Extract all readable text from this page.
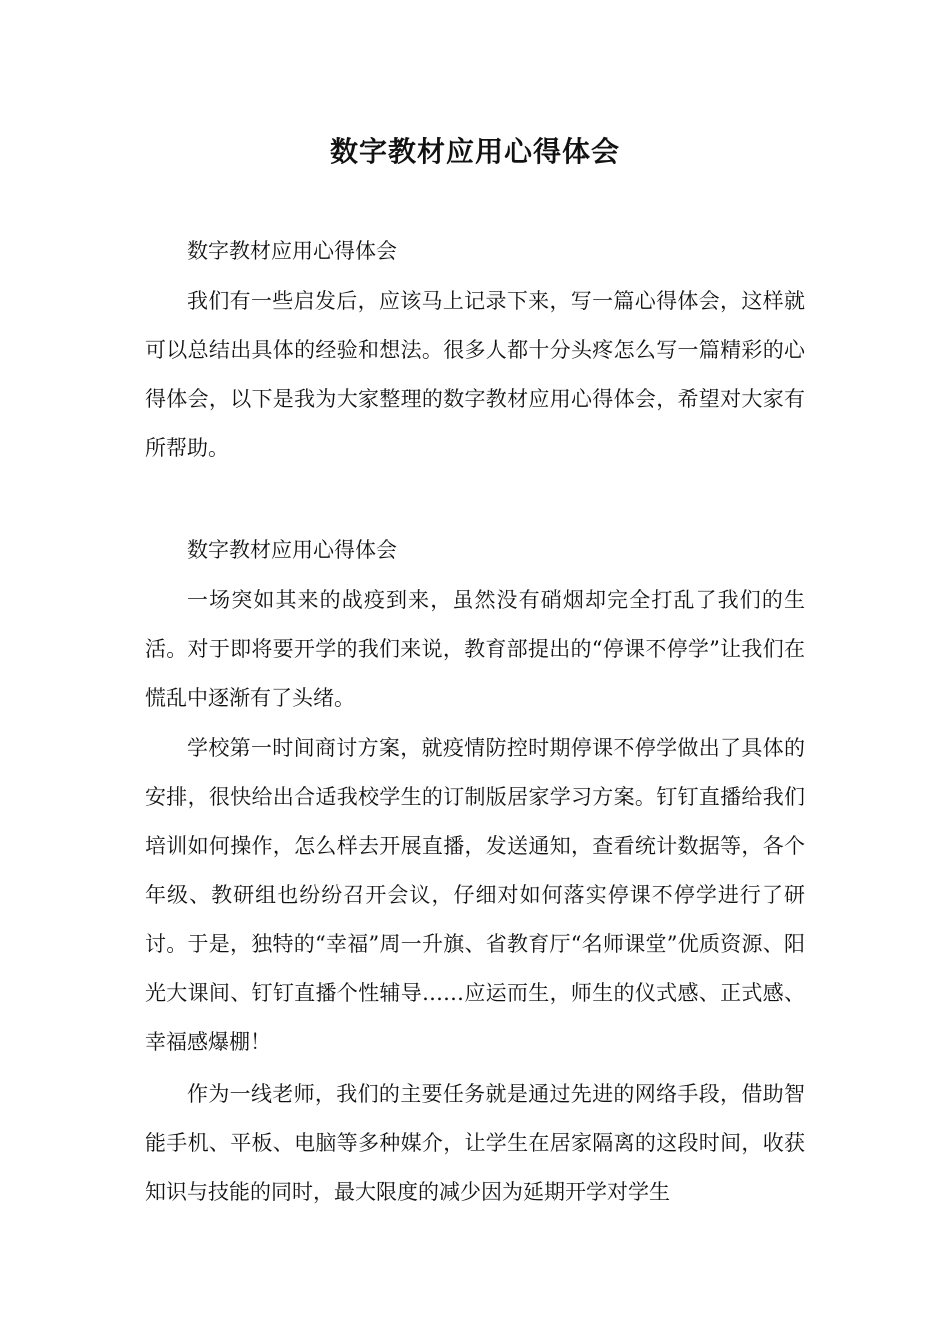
数字教材应用心得体会

数字教材应用心得体会

我们有一些启发后，应该马上记录下来，写一篇心得体会，这样就可以总结出具体的经验和想法。很多人都十分头疼怎么写一篇精彩的心得体会，以下是我为大家整理的数字教材应用心得体会，希望对大家有所帮助。

数字教材应用心得体会

一场突如其来的战疫到来，虽然没有硝烟却完全打乱了我们的生活。对于即将要开学的我们来说，教育部提出的“停课不停学”让我们在慌乱中逐渐有了头绪。

学校第一时间商讨方案，就疫情防控时期停课不停学做出了具体的安排，很快给出合适我校学生的订制版居家学习方案。钉钉直播给我们培训如何操作，怎么样去开展直播，发送通知，查看统计数据等，各个年级、教研组也纷纷召开会议，仔细对如何落实停课不停学进行了研讨。于是，独特的“幸福”周一升旗、省教育厅“名师课堂”优质资源、阳光大课间、钉钉直播个性辅导……应运而生，师生的仪式感、正式感、幸福感爆棚！

作为一线老师，我们的主要任务就是通过先进的网络手段，借助智能手机、平板、电脑等多种媒介，让学生在居家隔离的这段时间，收获知识与技能的同时，最大限度的减少因为延期开学对学生
